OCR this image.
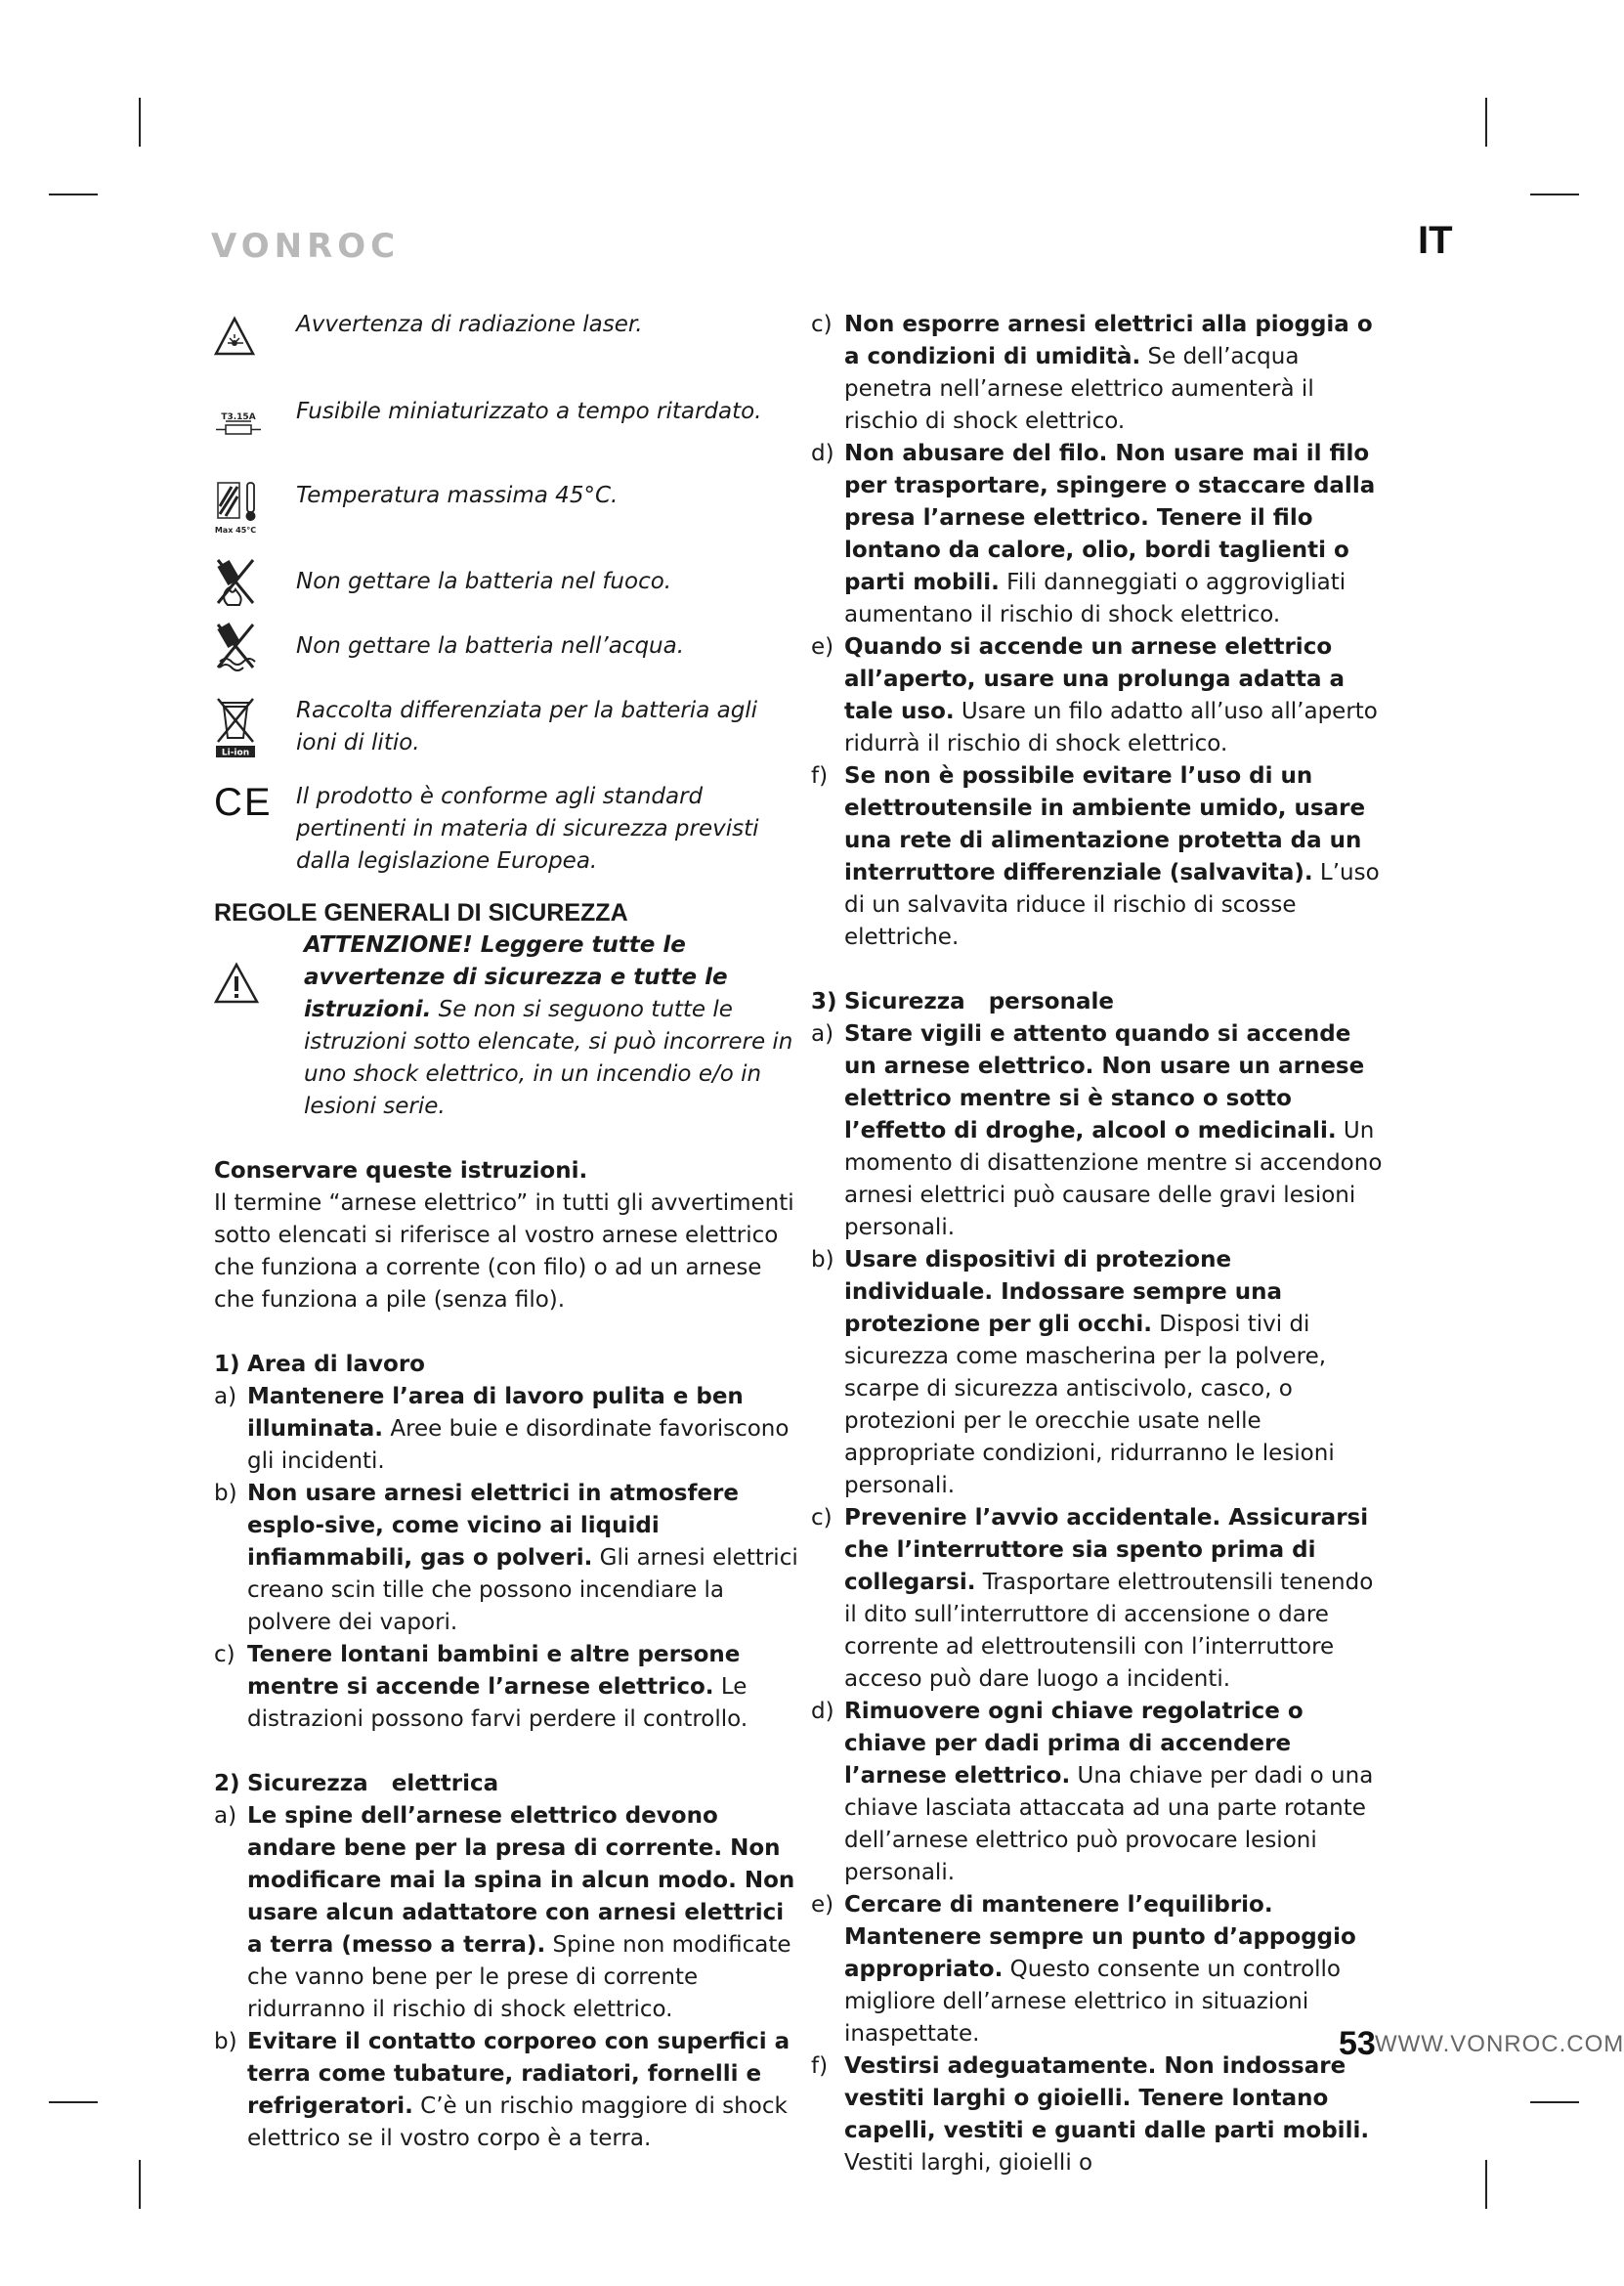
VONROC	IT
Avvertenza di radiazione laser.
T3.15A Fusibile miniaturizzato a tempo ritardato.
Max 45°C
Temperatura massima 45°C.
Non gettare la batteria nel fuoco.
Non gettare la batteria nell’acqua.
Li-ion
Raccolta differenziata per la batteria agli ioni di litio.
CE Il prodotto è conforme agli standard pertinenti in materia di sicurezza previsti dalla legislazione Europea.
REGOLE GENERALI DI SICUREZZA
ATTENZIONE! Leggere tutte le avvertenze di sicurezza e tutte le istruzioni. Se non si seguono tutte le istruzioni sotto elencate, si può incorrere in uno shock elettrico, in un incendio e/o in lesioni serie.
Conservare queste istruzioni.
Il termine “arnese elettrico” in tutti gli avvertimenti sotto elencati si riferisce al vostro arnese elettrico che funziona a corrente (con filo) o ad un arnese che funziona a pile (senza filo).
1) Area di lavoro
a) Mantenere l’area di lavoro pulita e ben illuminata. Aree buie e disordinate favoriscono gli incidenti.
b) Non usare arnesi elettrici in atmosfere esplo-sive, come vicino ai liquidi infiammabili, gas o polveri. Gli arnesi elettrici creano scin tille che possono incendiare la polvere dei vapori.
c) Tenere lontani bambini e altre persone mentre si accende l’arnese elettrico. Le distrazioni possono farvi perdere il controllo.
2) Sicurezza   elettrica
a) Le spine dell’arnese elettrico devono andare bene per la presa di corrente. Non modificare mai la spina in alcun modo. Non usare alcun adattatore con arnesi elettrici a terra (messo a terra). Spine non modificate che vanno bene per le prese di corrente ridurranno il rischio di shock elettrico.
b) Evitare il contatto corporeo con superfici a terra come tubature, radiatori, fornelli e refrigeratori. C’è un rischio maggiore di shock elettrico se il vostro corpo è a terra.
c) Non esporre arnesi elettrici alla pioggia o a condizioni di umidità. Se dell’acqua penetra nell’arnese elettrico aumenterà il rischio di shock elettrico.
d) Non abusare del filo. Non usare mai il filo per trasportare, spingere o staccare dalla presa l’arnese elettrico. Tenere il filo lontano da calore, olio, bordi taglienti o parti mobili. Fili danneggiati o aggrovigliati aumentano il rischio di shock elettrico.
e) Quando si accende un arnese elettrico all’aperto, usare una prolunga adatta a tale uso. Usare un filo adatto all’uso all’aperto ridurrà il rischio di shock elettrico.
f) Se non è possibile evitare l’uso di un elettroutensile in ambiente umido, usare una rete di alimentazione protetta da un interruttore differenziale (salvavita). L’uso di un salvavita riduce il rischio di scosse elettriche.
3) Sicurezza   personale
a) Stare vigili e attento quando si accende un arnese elettrico. Non usare un arnese elettrico mentre si è stanco o sotto l’effetto di droghe, alcool o medicinali. Un momento di disattenzione mentre si accendono arnesi elettrici può causare delle gravi lesioni personali.
b) Usare dispositivi di protezione individuale. Indossare sempre una protezione per gli occhi. Disposi tivi di sicurezza come mascherina per la polvere, scarpe di sicurezza antiscivolo, casco, o protezioni per le orecchie usate nelle appropriate condizioni, ridurranno le lesioni personali.
c) Prevenire l’avvio accidentale. Assicurarsi che l’interruttore sia spento prima di collegarsi. Trasportare elettroutensili tenendo il dito sull’interruttore di accensione o dare corrente ad elettroutensili con l’interruttore acceso può dare luogo a incidenti.
d) Rimuovere ogni chiave regolatrice o chiave per dadi prima di accendere l’arnese elettrico. Una chiave per dadi o una chiave lasciata attaccata ad una parte rotante dell’arnese elettrico può provocare lesioni personali.
e) Cercare di mantenere l’equilibrio. Mantenere sempre un punto d’appoggio appropriato. Questo consente un controllo migliore dell’arnese elettrico in situazioni inaspettate.
f) Vestirsi adeguatamente. Non indossare vestiti larghi o gioielli. Tenere lontano capelli, vestiti e guanti dalle parti mobili. Vestiti larghi, gioielli o
53 WWW.VONROC.COM
